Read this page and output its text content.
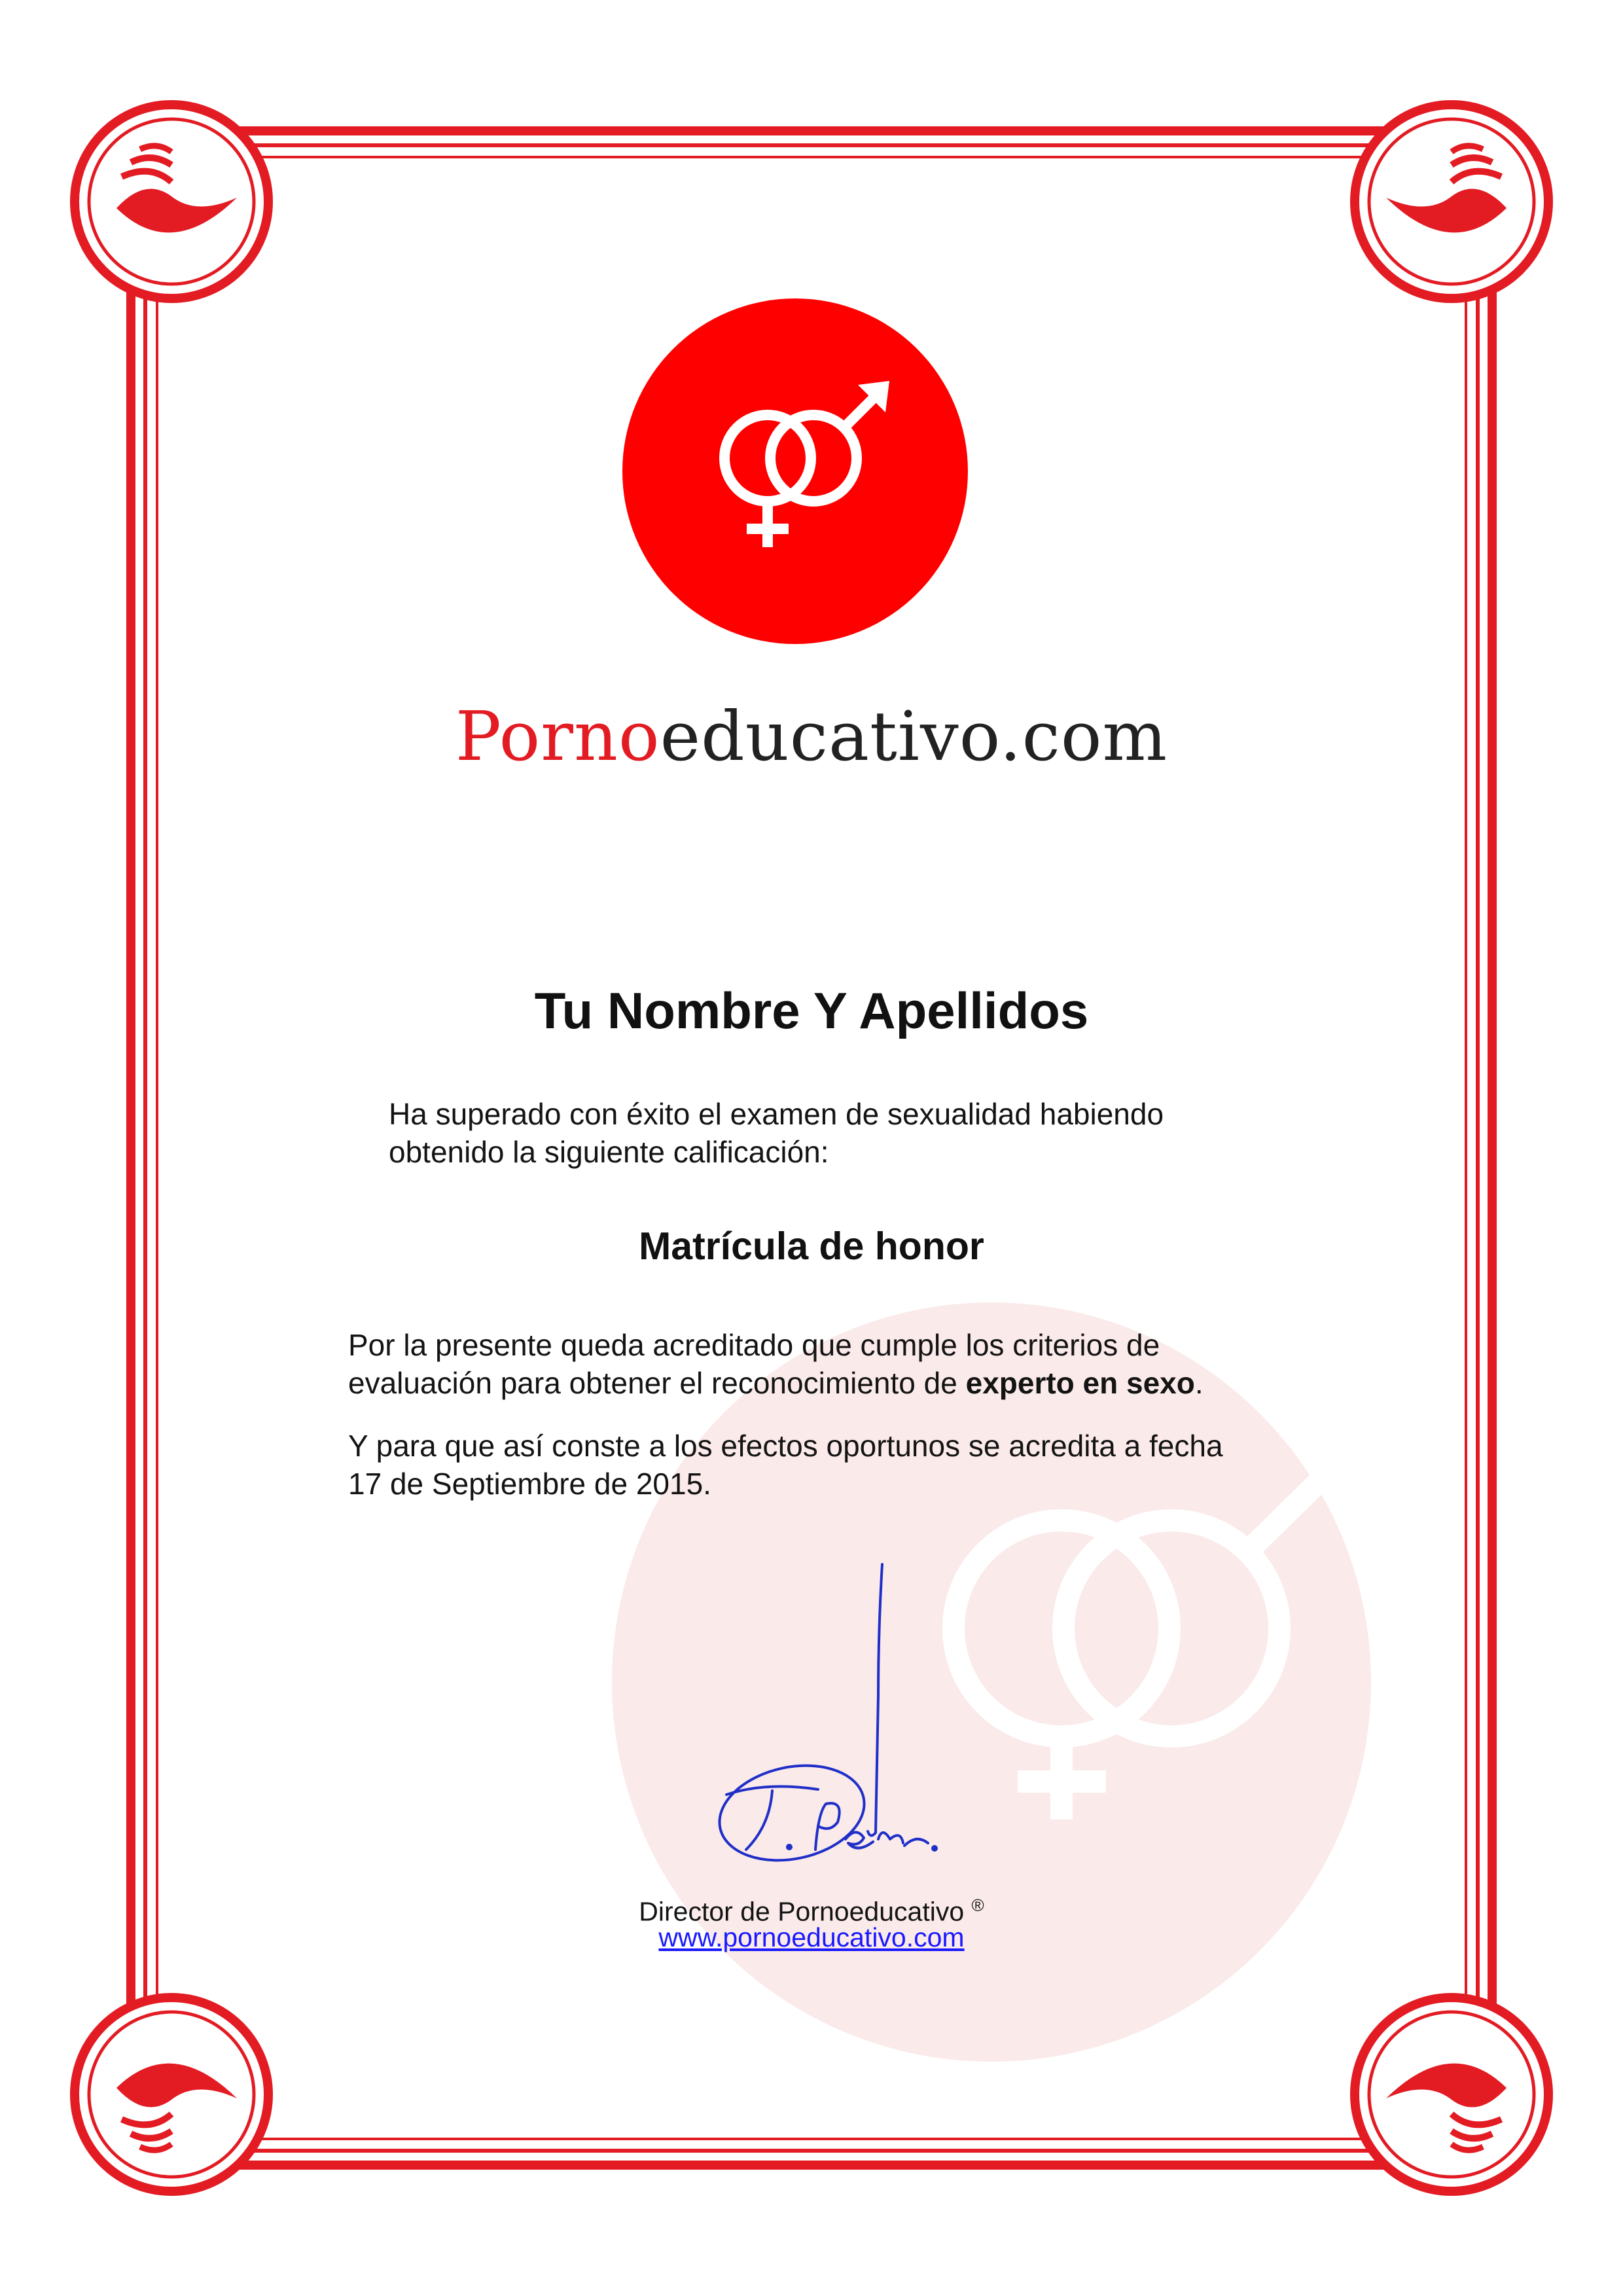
Pornoeducativo.com
Tu Nombre Y Apellidos
Ha superado con éxito el examen de sexualidad habiendo
obtenido la siguiente calificación:
Matrícula de honor
Por la presente queda acreditado que cumple los criterios de
evaluación para obtener el reconocimiento de experto en sexo.
Y para que así conste a los efectos oportunos se acredita a fecha
17 de Septiembre de 2015.
Director de Pornoeducativo ®
www.pornoeducativo.com
